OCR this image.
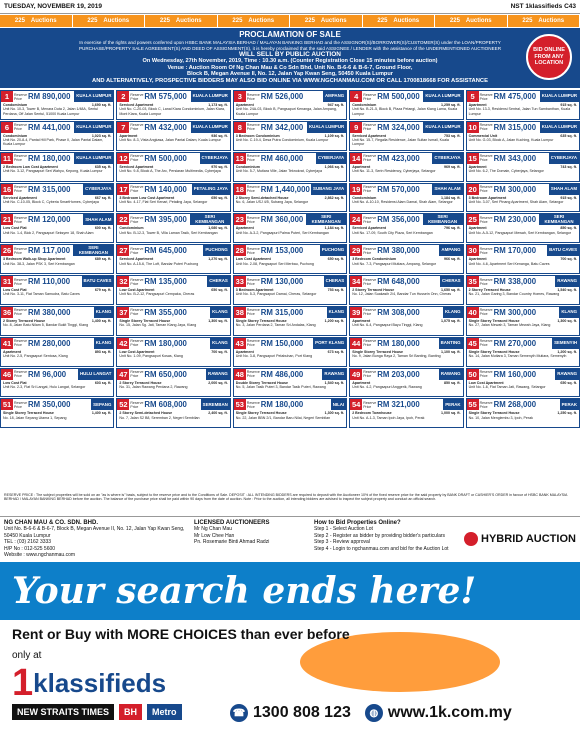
TUESDAY, NOVEMBER 19, 2019	NST 1klassifieds C43
225 Auctions	225 Auctions	225 Auctions	225 Auctions	225 Auctions	225 Auctions	225 Auctions	225 Auctions
PROCLAMATION OF SALE
In exercise of the rights and powers conferred upon HSBC BANK MALAYSIA BERHAD / MALAYAN BANKING BERHAD and the ASSIGNOR(S)/BORROWER(S)/CUSTOMER(S) under the LOAN/PROPERTY PURCHASE/PROPERTY SALE AGREEMENT(S) AND DEED OF ASSIGNMENT(S), it is hereby proclaimed that the said ASSIGNEE / LENDER with the assistance of the UNDERMENTIONED AUCTIONEER
WILL SELL BY PUBLIC AUCTION
On Wednesday, 27th November, 2019, Time : 10.30 a.m. (Counter Registration Close 15 minutes before auction)
Venue : Auction Room Of Ng Chan Mau & Co Sdn Bhd, Unit No. B-6-6 & B-6-7, Ground Floor,
Block B, Megan Avenue II, No. 12, Jalan Yap Kwan Seng, 50450 Kuala Lumpur
AND ALTERNATIVELY, PROSPECTIVE BIDDERS MAY ALSO BID ONLINE VIA WWW.NGCHANMAU.COM OR CALL 1700818668 FOR ASSISTANCE
BID ONLINE FROM ANY LOCATION
1	Reserve Price RM 890,000	KUALA LUMPUR
Condominium	1,690 sq. ft.
Unit No. 10-3, Tower B, Menara Duta 2, Jalan 1/48A, Sentul Perdana, Off Jalan Sentul, 51000 Kuala Lumpur
2	Reserve Price RM 575,000	KUALA LUMPUR
Serviced Apartment	1,173 sq. ft.
Unit No. C-20-03, Block C, Lanai Kiara Condominium, Jalan Kiara, Mont Kiara, Kuala Lumpur
3	Reserve Price RM 526,000	AMPANG
Apartment	947 sq. ft.
Unit No. 24A-03, Block B, Pangsapuri Kenanga, Jalan Ampang, Kuala Lumpur
4	Reserve Price RM 500,000	KUALA LUMPUR
Condominium	1,259 sq. ft.
Unit No. B-21-5, Block B, Plaza Pelangi, Jalan Klang Lama, Kuala Lumpur
5	Reserve Price RM 475,000	KUALA LUMPUR
Apartment	915 sq. ft.
Unit No. 13-3, Residensi Sentral, Jalan Tun Sambanthan, Kuala Lumpur
6	Reserve Price RM 441,000	KUALA LUMPUR
Condominium	1,023 sq. ft.
Unit No. 20-8-4, Pantai Hill Park, Phase II, Jalan Pantai Dalam, Kuala Lumpur
7	Reserve Price RM 432,000	KUALA LUMPUR
Apartment	936 sq. ft.
Unit No. 8-3, Vista Angkasa, Jalan Pantai Dalam, Kuala Lumpur
8	Reserve Price RM 342,000	KUALA LUMPUR
3 Bedroom Condominium	1,109 sq. ft.
Unit No. C-19-4, Desa Putra Condominium, Kuala Lumpur
9	Reserve Price RM 324,000	KUALA LUMPUR
Serviced Apartment	753 sq. ft.
Unit No. 15-7, Regalia Residence, Jalan Sultan Ismail, Kuala Lumpur
10 Reserve Price RM 315,000	KUALA LUMPUR
Commercial Unit	635 sq. ft.
Unit No. G-03, Block A, Jalan Kuching, Kuala Lumpur
11 Reserve Price RM 180,000	KUALA LUMPUR
2 Bedroom Low Cost Apartment	635 sq. ft.
Unit No. 3-12, Pangsapuri Seri Wahyu, Kepong, Kuala Lumpur
12 Reserve Price RM 500,000	CYBERJAYA
Serviced Apartment	970 sq. ft.
Unit No. 9-8, Block A, The Arc, Persiaran Multimedia, Cyberjaya
13 Reserve Price RM 460,000	CYBERJAYA
Condominium	1,066 sq. ft.
Unit No. 5-7, Mutiara Ville, Jalan Teknokrat, Cyberjaya
14 Reserve Price RM 423,000	CYBERJAYA
Apartment	969 sq. ft.
Unit No. 11-3, Serin Residency, Cyberjaya, Selangor
15 Reserve Price RM 343,000	CYBERJAYA
Apartment	743 sq. ft.
Unit No. 6-2, The Domain, Cyberjaya, Selangor
16 Reserve Price RM 315,000	CYBERJAYA
Serviced Apartment	667 sq. ft.
Unit No. C-10-05, Block C, Cyberia SmartHomes, Cyberjaya
17 Reserve Price RM 140,000	PETALING JAYA
3 Bedroom Low Cost Apartment	650 sq. ft.
Unit No. 4-17, Flat Seri Kenari, Petaling Jaya, Selangor
18 Reserve Price RM 1,440,000 SUBANG JAYA
2 Storey Semi-detached House	2,862 sq. ft.
No. 6, Jalan USJ 4/5, Subang Jaya, Selangor
19 Reserve Price RM 570,000	SHAH ALAM
Condominium	1,184 sq. ft.
Unit No. A-10-10, Residensi Alam Damai, Shah Alam, Selangor
20 Reserve Price RM 300,000	SHAH ALAM
3 Bedroom Apartment	915 sq. ft.
Unit No. 3-07, Seri Pinang Apartment, Shah Alam, Selangor
21 Reserve Price RM 120,000	SHAH ALAM
Low Cost Flat	600 sq. ft.
Unit No. 1-4, Blok 2, Pangsapuri Seksyen 18, Shah Alam
22 Reserve Price RM 395,000	SERI KEMBANGAN
Condominium	1,080 sq. ft.
Unit No. B-12-3, Tower B, Villa Laman Tasik, Seri Kembangan
23 Reserve Price RM 360,000	SERI KEMBANGAN
Apartment	1,184 sq. ft.
Unit No. A-3-2, Pangsapuri Palma Puteri, Seri Kembangan
24 Reserve Price RM 356,000	SERI KEMBANGAN
Serviced Apartment	796 sq. ft.
Unit No. 17-09, South City Plaza, Seri Kembangan
25 Reserve Price RM 230,000	SERI KEMBANGAN
Apartment	850 sq. ft.
Unit No. A-5-12, Pangsapuri Mewah, Seri Kembangan, Selangor
26 Reserve Price RM 117,000	SERI KEMBANGAN
3 Bedroom Walk-up Shop Apartment	689 sq. ft.
Unit No. 38-3, Jalan PSK 3, Seri Kembangan
27 Reserve Price RM 645,000	PUCHONG
Serviced Apartment	1,270 sq. ft.
Unit No. A-15-6, The Loft, Bandar Puteri Puchong
28 Reserve Price RM 153,000	PUCHONG
Low Cost Apartment	650 sq. ft.
Unit No. 2-08, Pangsapuri Seri Merbau, Puchong
29 Reserve Price RM 380,000	AMPANG
3 Bedroom Condominium	966 sq. ft.
Unit No. 7-3, Pangsapuri Mutiara, Ampang, Selangor
30 Reserve Price RM 170,000	BATU CAVES
Apartment	700 sq. ft.
Unit No. 4-6, Apartment Seri Kenanga, Batu Caves
31 Reserve Price RM 110,000	BATU CAVES
Low Cost Flat	679 sq. ft.
Unit No. 3-11, Flat Taman Samudra, Batu Caves
32 Reserve Price RM 135,000	CHERAS
Low Cost Apartment	650 sq. ft.
Unit No. B-2-12, Pangsapuri Cempaka, Cheras
33 Reserve Price RM 130,000	CHERAS
3 Bedroom Apartment	753 sq. ft.
Unit No. 5-3, Pangsapuri Damai, Cheras, Selangor
34 Reserve Price RM 648,000	CHERAS
2 Storey Terraced House	1,650 sq. ft.
No. 12, Jalan Suakasih 2/4, Bandar Tun Hussein Onn, Cheras
35 Reserve Price RM 338,000	RAWANG
2 Storey Terraced House	1,540 sq. ft.
No. 21, Jalan Garing 3, Bandar Country Homes, Rawang
36 Reserve Price RM 380,000	KLANG
2 Storey Terraced House	1,400 sq. ft.
No. 8, Jalan Batu Nilam 5, Bandar Bukit Tinggi, Klang
37 Reserve Price RM 355,000	KLANG
Single Storey Terraced House	1,300 sq. ft.
No. 15, Jalan Sg. Jati, Taman Klang Jaya, Klang
38 Reserve Price RM 315,000	KLANG
Single Storey Terraced House	1,200 sq. ft.
No. 3, Jalan Perdana 2, Taman Sri Andalas, Klang
39 Reserve Price RM 308,000	KLANG
Apartment	1,075 sq. ft.
Unit No. 6-4, Pangsapuri Bayu Tinggi, Klang
40 Reserve Price RM 300,000	KLANG
Single Storey Terraced House	1,300 sq. ft.
No. 27, Jalan Mewah 3, Taman Mewah Jaya, Klang
41 Reserve Price RM 280,000	KLANG
Apartment	893 sq. ft.
Unit No. 2-5, Pangsapuri Sentosa, Klang
42 Reserve Price RM 180,000	KLANG
Low Cost Apartment	700 sq. ft.
Unit No. 1-09, Pangsapuri Kosas, Klang
43 Reserve Price RM 150,000	PORT KLANG
Apartment	673 sq. ft.
Unit No. 3-8, Pangsapuri Pelabuhan, Port Klang
44 Reserve Price RM 180,000	BANTING
Single Storey Terraced House	1,100 sq. ft.
No. 9, Jalan Bunga Raya 2, Taman Sri Banting, Banting
45 Reserve Price RM 270,000	SEMENYIH
Single Storey Terraced House	1,200 sq. ft.
No. 14, Jalan Mutiara 3, Taman Semenyih Mutiara, Semenyih
46 Reserve Price RM 96,000	HULU LANGAT
Low Cost Flat	603 sq. ft.
Unit No. 2-3, Flat Sri Langat, Hulu Langat, Selangor
47 Reserve Price RM 650,000	RAWANG
2 Storey Terraced House	2,000 sq. ft.
No. 31, Jalan Rawang Perdana 2, Rawang
48 Reserve Price RM 486,000	RAWANG
Double Storey Terraced House	1,540 sq. ft.
No. 5, Jalan Tasik Puteri 3, Bandar Tasik Puteri, Rawang
49 Reserve Price RM 203,000	RAWANG
Apartment	850 sq. ft.
Unit No. 4-2, Pangsapuri Anggerik, Rawang
50 Reserve Price RM 160,000	RAWANG
Low Cost Apartment	650 sq. ft.
Unit No. 1-6, Flat Taman Jati, Rawang, Selangor
51 Reserve Price RM 350,000	SEPANG
Single Storey Terraced House	1,400 sq. ft.
No. 18, Jalan Sepang Utama 1, Sepang
52 Reserve Price RM 608,000	SEREMBAN
2 Storey Semi-detached House	2,400 sq. ft.
No. 7, Jalan S2 B8, Seremban 2, Negeri Sembilan
53 Reserve Price RM 180,000	NILAI
Single Storey Terraced House	1,300 sq. ft.
No. 22, Jalan BBN 2/1, Bandar Baru Nilai, Negeri Sembilan
54 Reserve Price RM 321,000	PERAK
2 Bedroom Townhouse	1,000 sq. ft.
Unit No. A-1-3, Taman Ipoh Jaya, Ipoh, Perak
55 Reserve Price RM 268,000	PERAK
Single Storey Terraced House	1,250 sq. ft.
No. 10, Jalan Menglembu 3, Ipoh, Perak
RESERVE PRICE : The subject properties will be sold on an "as is where is" basis, subject to the reserve price and to the Conditions of Sale. DEPOSIT : ALL INTENDING BIDDERS are required to deposit with the Auctioneer 10% of the fixed reserve price for the said property by BANK DRAFT or CASHIER'S ORDER in favour of HSBC BANK MALAYSIA BERHAD / MALAYAN BANKING BERHAD before the auction. The balance of the purchase price shall be paid within 90 days from the date of auction. Note : Prior to the auction, all intending bidders are advised to inspect the subject property and conduct an official search.
NG CHAN MAU & CO. SDN. BHD.
Unit No. B-6-6 & B-6-7, Block B, Megan Avenue II, No. 12, Jalan Yap Kwan Seng, 50450 Kuala Lumpur
TEL : (03) 2162 3333
H/P No : 012-525 5600
Website : www.ngchanmau.com
LICENSED AUCTIONEERS
Mr Ng Chan Mau
Mr Low Chee Han
Pn. Rosemarie Binti Ahmad Radzi
How to Bid Properties Online?
Step 1 - Select Auction Lot
Step 2 - Register as bidder by providing bidder's particulars
Step 3 - Review approval
Step 4 - Login to ngchanmau.com and bid for the Auction Lot
HYBRID AUCTION
Your search ends here!
Rent or Buy with MORE CHOICES than ever before
only at
1 klassifieds
NEW STRAITS TIMES	BH	Metro	☎ 1300 808 123	◍ www.1k.com.my
